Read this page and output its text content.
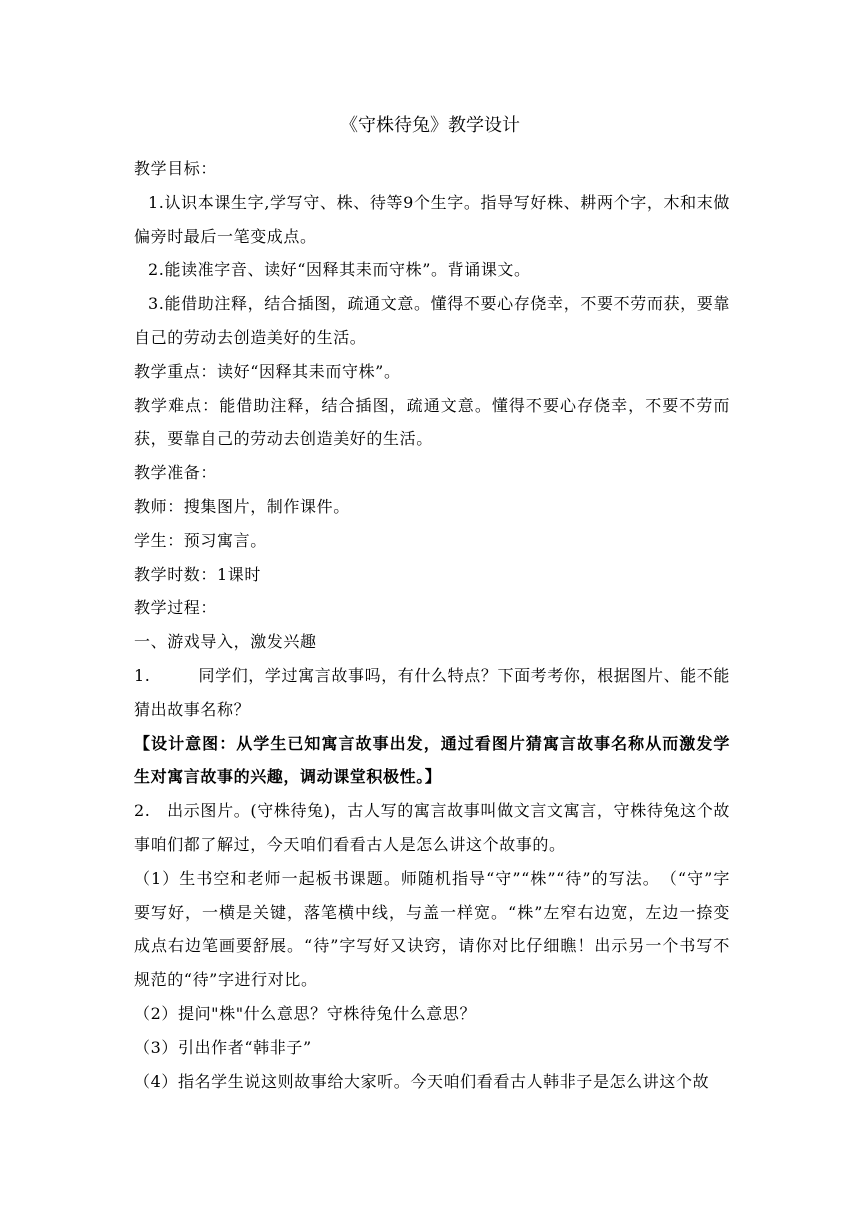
《守株待兔》教学设计

教学目标：

1.认识本课生字,学写守、株、待等9个生字。指导写好株、耕两个字，木和末做偏旁时最后一笔变成点。

2.能读准字音、读好“因释其耒而守株”。背诵课文。

3.能借助注释，结合插图，疏通文意。懂得不要心存侥幸，不要不劳而获，要靠自己的劳动去创造美好的生活。

教学重点：读好“因释其耒而守株”。

教学难点：能借助注释，结合插图，疏通文意。懂得不要心存侥幸，不要不劳而获，要靠自己的劳动去创造美好的生活。

教学准备：

教师：搜集图片，制作课件。

学生：预习寓言。

教学时数：1课时

教学过程：

一、游戏导入，激发兴趣

1.	同学们，学过寓言故事吗，有什么特点？下面考考你，根据图片、能不能猜出故事名称？

【设计意图：从学生已知寓言故事出发，通过看图片猜寓言故事名称从而激发学生对寓言故事的兴趣，调动课堂积极性。】

2.　出示图片。(守株待兔)，古人写的寓言故事叫做文言文寓言，守株待兔这个故事咱们都了解过，今天咱们看看古人是怎么讲这个故事的。

（1）生书空和老师一起板书课题。师随机指导“守”“株”“待”的写法。　（“守”字要写好，一横是关键，落笔横中线，与盖一样宽。“株”左窄右边宽，左边一捺变成点右边笔画要舒展。“待”字写好又诀窍，请你对比仔细瞧！出示另一个书写不规范的“待”字进行对比。

（2）提问"株"什么意思？守株待兔什么意思？

（3）引出作者“韩非子”

（4）指名学生说这则故事给大家听。今天咱们看看古人韩非子是怎么讲这个故
